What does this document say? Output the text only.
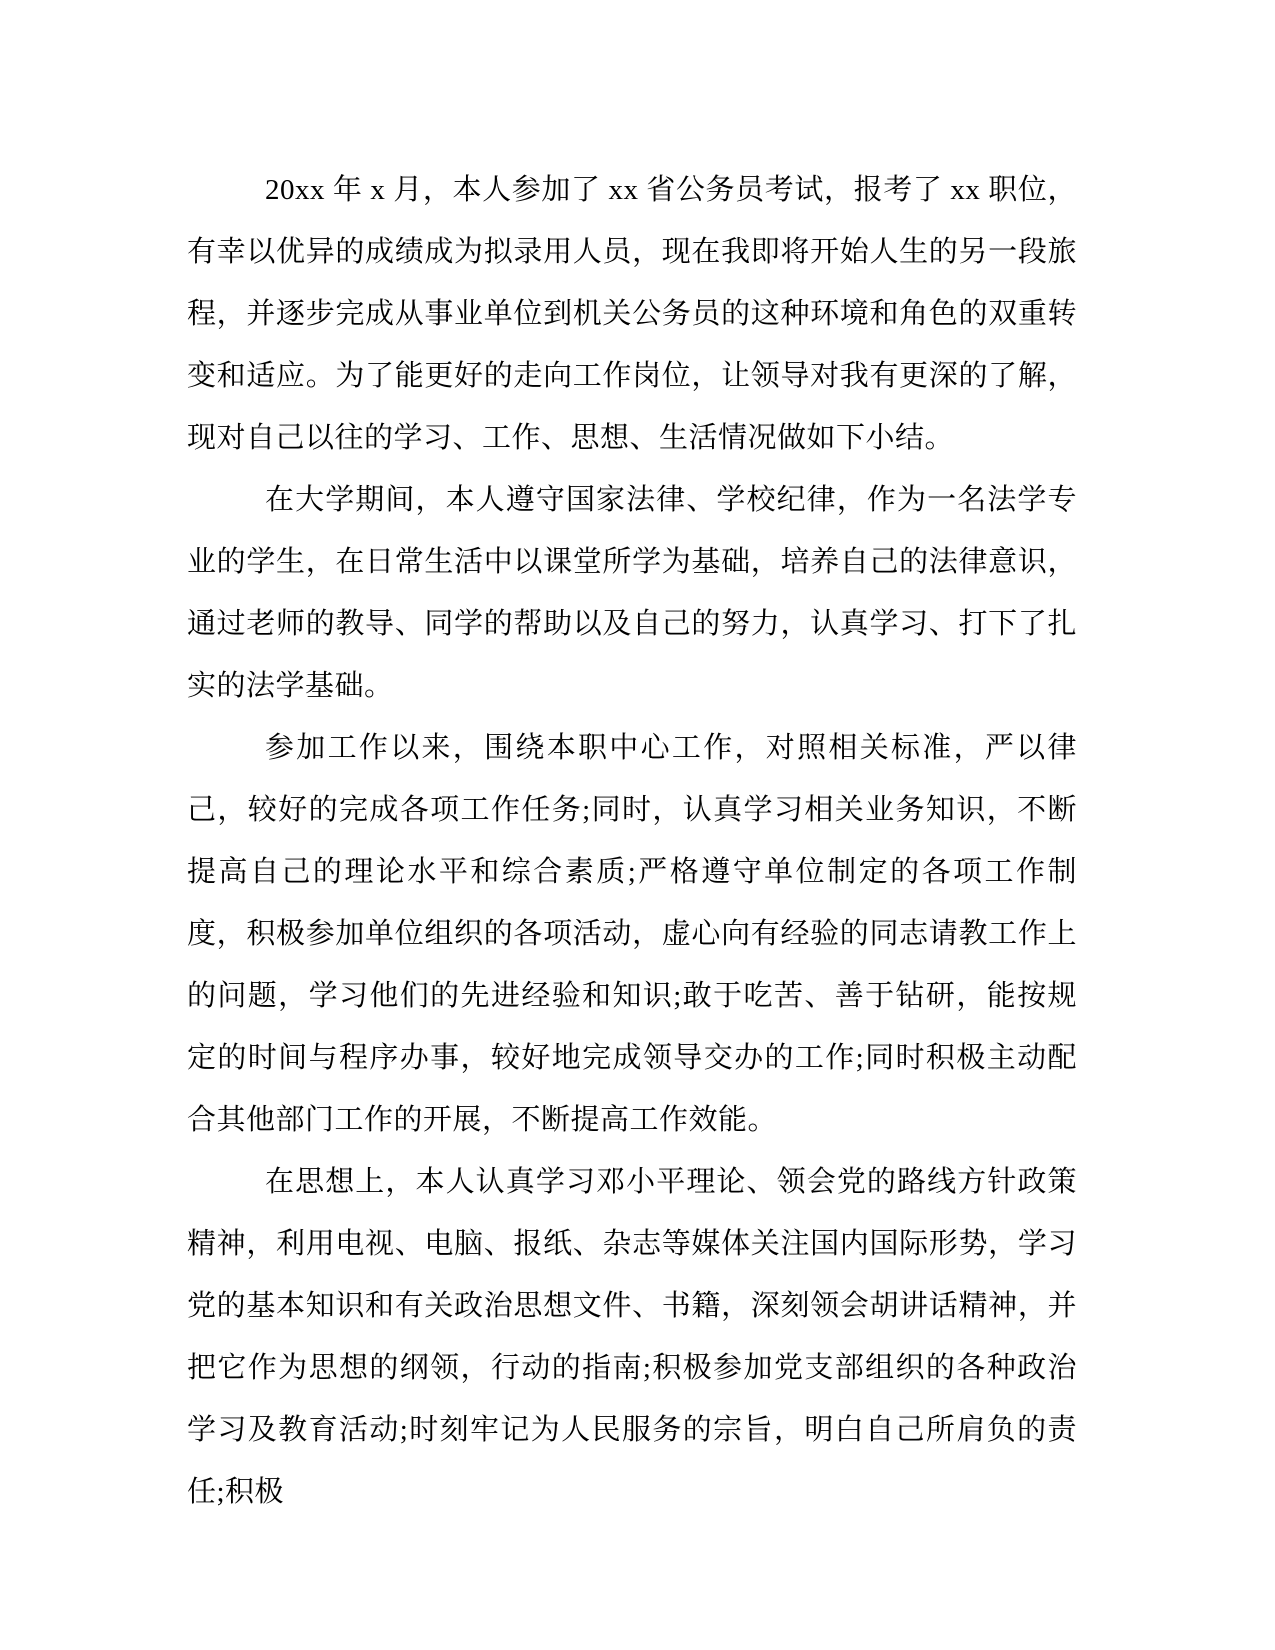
20xx 年 x 月，本人参加了 xx 省公务员考试，报考了 xx 职位，有幸以优异的成绩成为拟录用人员，现在我即将开始人生的另一段旅程，并逐步完成从事业单位到机关公务员的这种环境和角色的双重转变和适应。为了能更好的走向工作岗位，让领导对我有更深的了解，现对自己以往的学习、工作、思想、生活情况做如下小结。

在大学期间，本人遵守国家法律、学校纪律，作为一名法学专业的学生，在日常生活中以课堂所学为基础，培养自己的法律意识，通过老师的教导、同学的帮助以及自己的努力，认真学习、打下了扎实的法学基础。

参加工作以来，围绕本职中心工作，对照相关标准，严以律己，较好的完成各项工作任务;同时，认真学习相关业务知识，不断提高自己的理论水平和综合素质;严格遵守单位制定的各项工作制度，积极参加单位组织的各项活动，虚心向有经验的同志请教工作上的问题，学习他们的先进经验和知识;敢于吃苦、善于钻研，能按规定的时间与程序办事，较好地完成领导交办的工作;同时积极主动配合其他部门工作的开展，不断提高工作效能。

在思想上，本人认真学习邓小平理论、领会党的路线方针政策精神，利用电视、电脑、报纸、杂志等媒体关注国内国际形势，学习党的基本知识和有关政治思想文件、书籍，深刻领会胡讲话精神，并把它作为思想的纲领，行动的指南;积极参加党支部组织的各种政治学习及教育活动;时刻牢记为人民服务的宗旨，明白自己所肩负的责任;积极
